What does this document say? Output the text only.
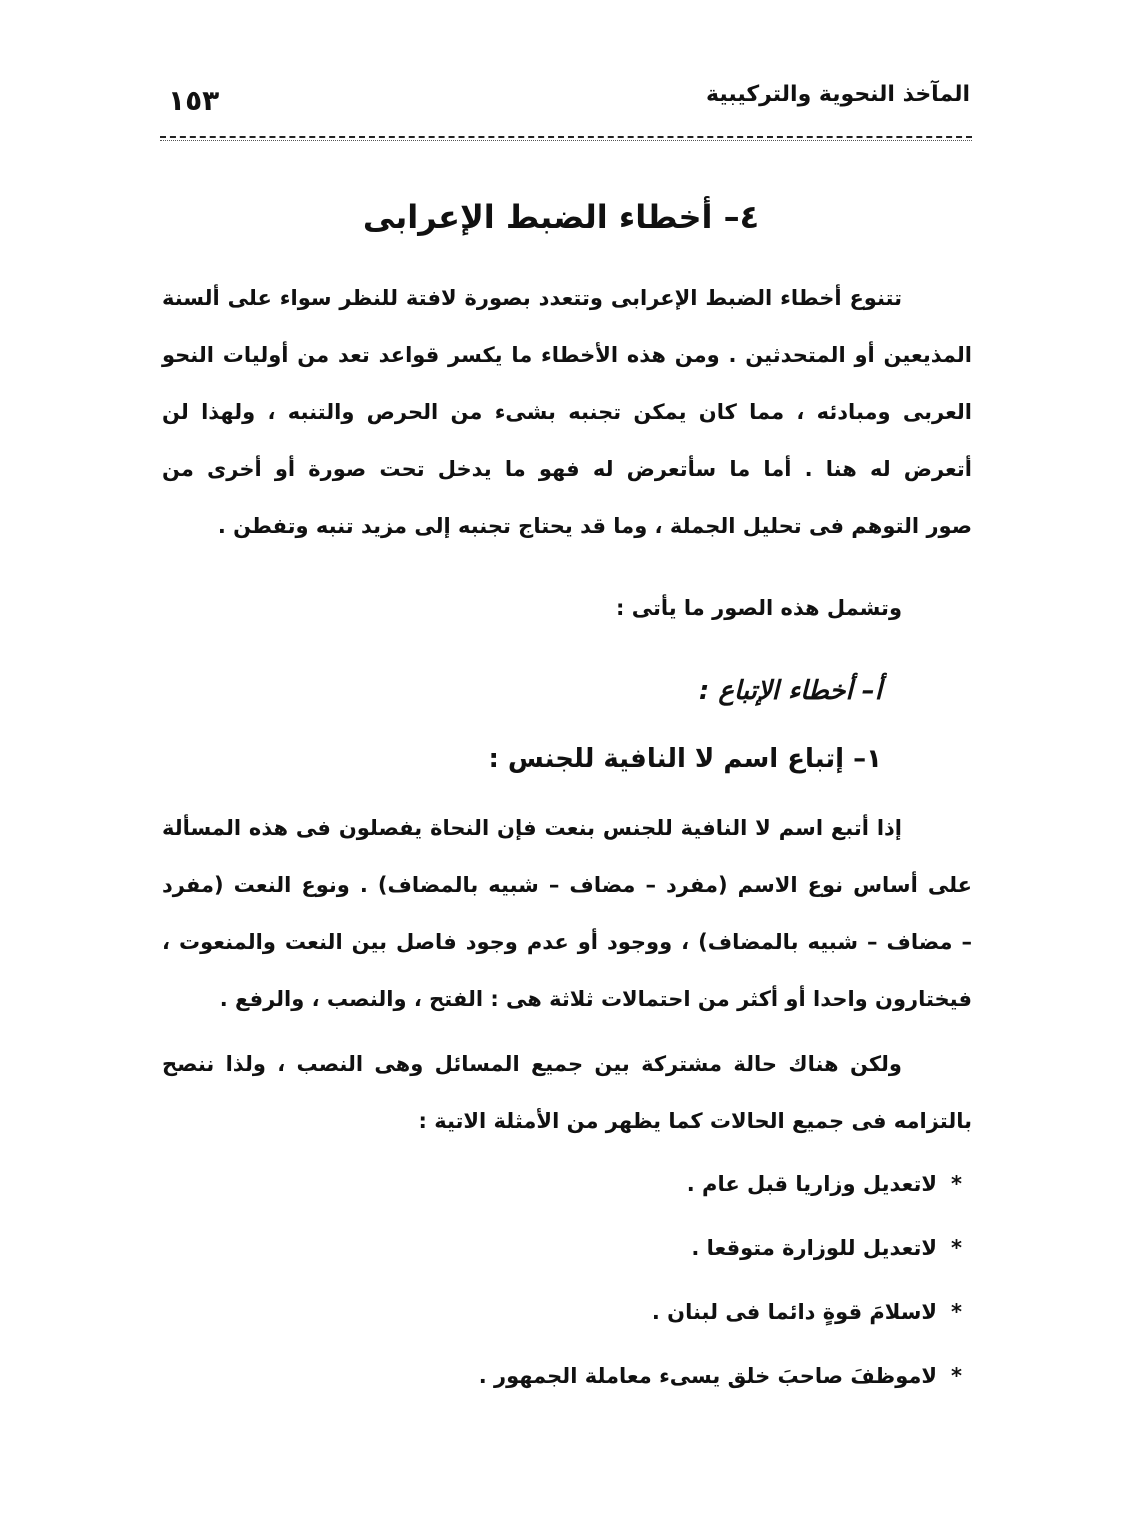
المآخذ النحوية والتركيبية
١٥٣
٤– أخطاء الضبط الإعرابى
تتنوع أخطاء الضبط الإعرابى وتتعدد بصورة لافتة للنظر سواء على ألسنة
المذيعين أو المتحدثين . ومن هذه الأخطاء ما يكسر قواعد تعد من أوليات النحو
العربى ومبادئه ، مما كان يمكن تجنبه بشىء من الحرص والتنبه ، ولهذا لن
أتعرض له هنا . أما ما سأتعرض له فهو ما يدخل تحت صورة أو أخرى من
صور التوهم فى تحليل الجملة ، وما قد يحتاج تجنبه إلى مزيد تنبه وتفطن .
وتشمل هذه الصور ما يأتى :
أ– أخطاء الإتباع :
١– إتباع اسم لا النافية للجنس :
إذا أتبع اسم لا النافية للجنس بنعت فإن النحاة يفصلون فى هذه المسألة
على أساس نوع الاسم (مفرد – مضاف – شبيه بالمضاف) . ونوع النعت (مفرد
– مضاف – شبيه بالمضاف) ، ووجود أو عدم وجود فاصل بين النعت والمنعوت ،
فيختارون واحدا أو أكثر من احتمالات ثلاثة هى : الفتح ، والنصب ، والرفع .
ولكن هناك حالة مشتركة بين جميع المسائل وهى النصب ، ولذا ننصح
بالتزامه فى جميع الحالات كما يظهر من الأمثلة الاتية :
*لاتعديل وزاريا قبل عام .
*لاتعديل للوزارة متوقعا .
*لاسلامَ قوةٍ دائما فى لبنان .
*لاموظفَ صاحبَ خلق يسىء معاملة الجمهور .
